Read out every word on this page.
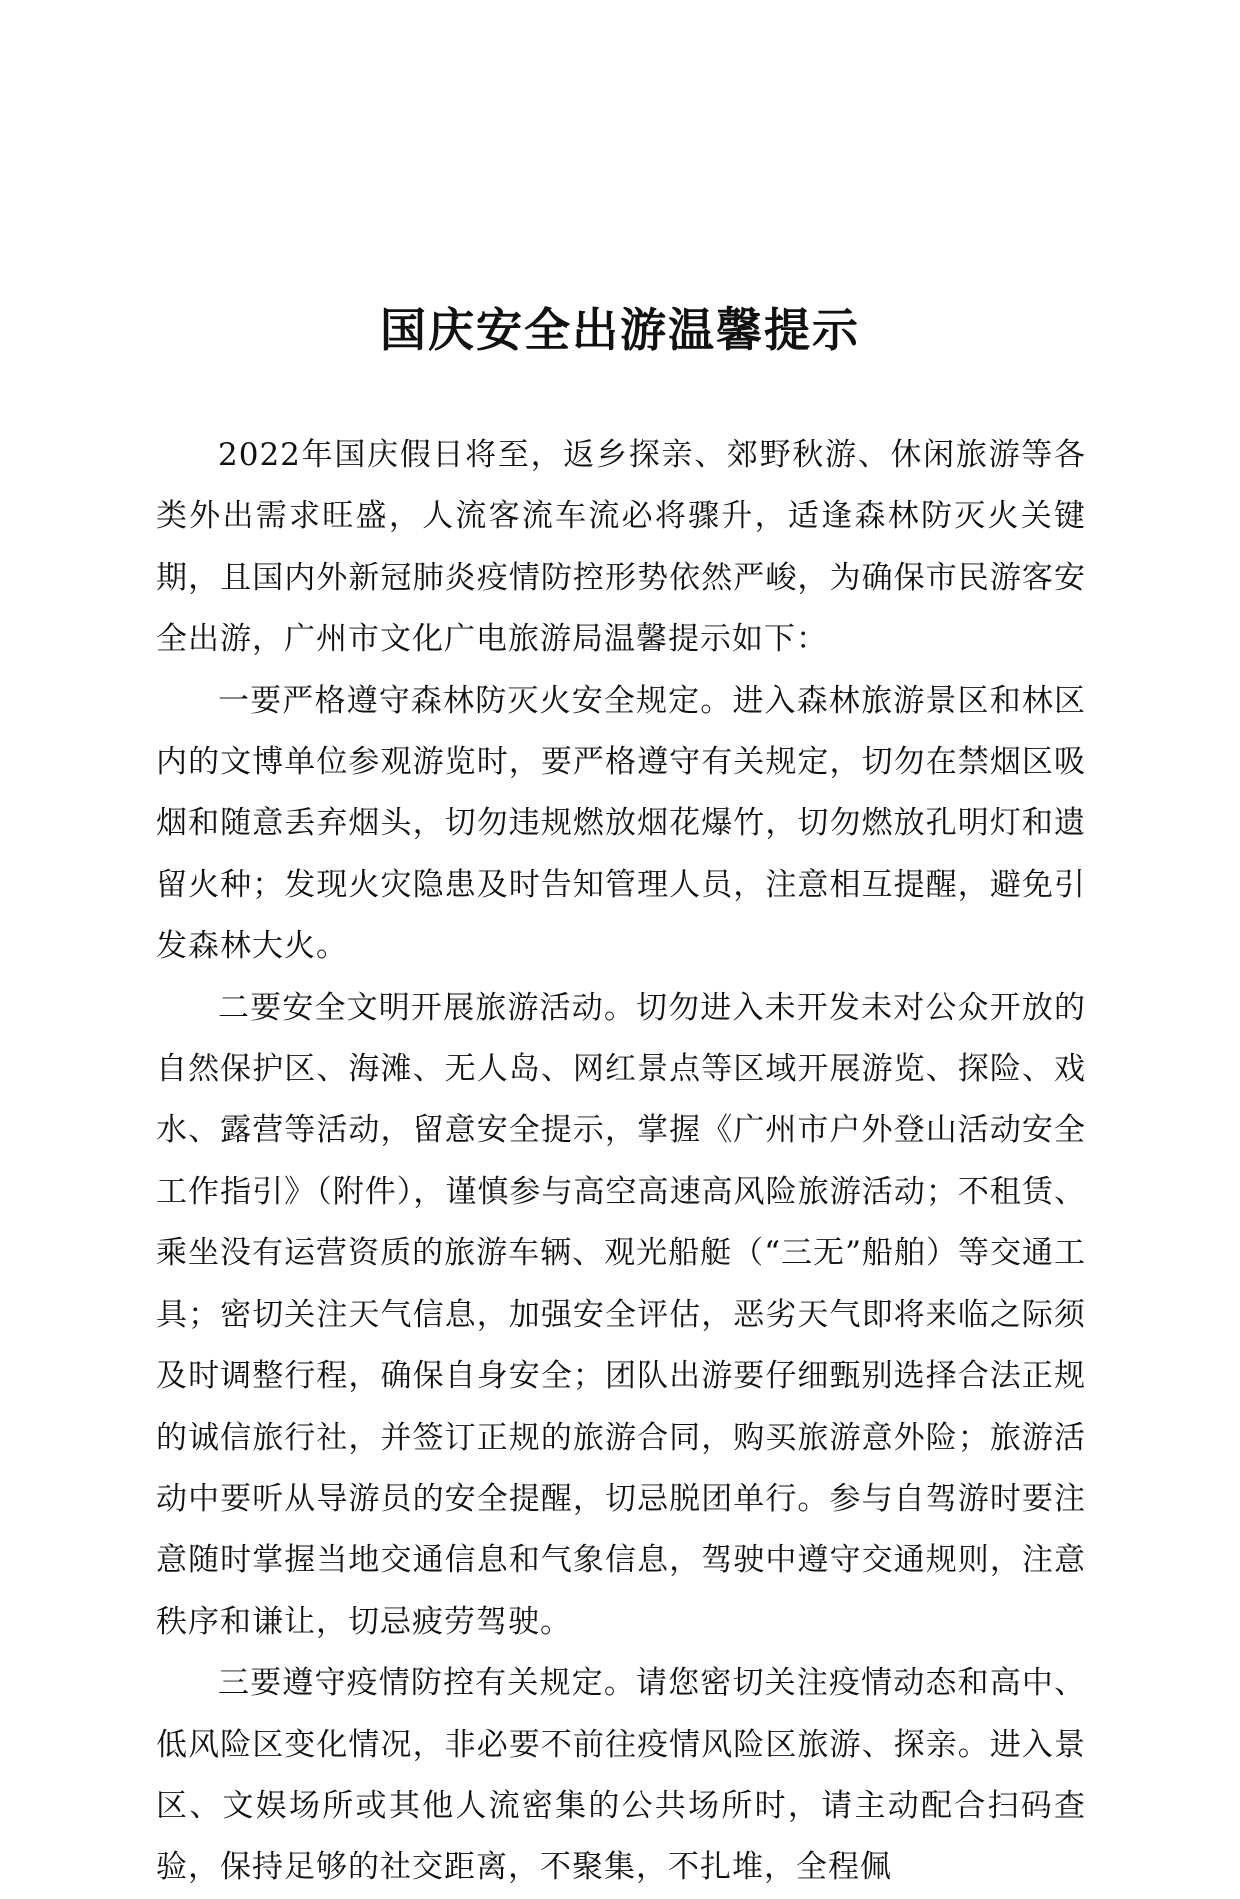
国庆安全出游温馨提示

2022年国庆假日将至，返乡探亲、郊野秋游、休闲旅游等各类外出需求旺盛，人流客流车流必将骤升，适逢森林防灭火关键期，且国内外新冠肺炎疫情防控形势依然严峻，为确保市民游客安全出游，广州市文化广电旅游局温馨提示如下：

一要严格遵守森林防灭火安全规定。进入森林旅游景区和林区内的文博单位参观游览时，要严格遵守有关规定，切勿在禁烟区吸烟和随意丢弃烟头，切勿违规燃放烟花爆竹，切勿燃放孔明灯和遗留火种；发现火灾隐患及时告知管理人员，注意相互提醒，避免引发森林大火。

二要安全文明开展旅游活动。切勿进入未开发未对公众开放的自然保护区、海滩、无人岛、网红景点等区域开展游览、探险、戏水、露营等活动，留意安全提示，掌握《广州市户外登山活动安全工作指引》（附件），谨慎参与高空高速高风险旅游活动；不租赁、乘坐没有运营资质的旅游车辆、观光船艇（“三无”船舶）等交通工具；密切关注天气信息，加强安全评估，恶劣天气即将来临之际须及时调整行程，确保自身安全；团队出游要仔细甄别选择合法正规的诚信旅行社，并签订正规的旅游合同，购买旅游意外险；旅游活动中要听从导游员的安全提醒，切忌脱团单行。参与自驾游时要注意随时掌握当地交通信息和气象信息，驾驶中遵守交通规则，注意秩序和谦让，切忌疲劳驾驶。

三要遵守疫情防控有关规定。请您密切关注疫情动态和高中、低风险区变化情况，非必要不前往疫情风险区旅游、探亲。进入景区、文娱场所或其他人流密集的公共场所时，请主动配合扫码查验，保持足够的社交距离，不聚集，不扎堆，全程佩
